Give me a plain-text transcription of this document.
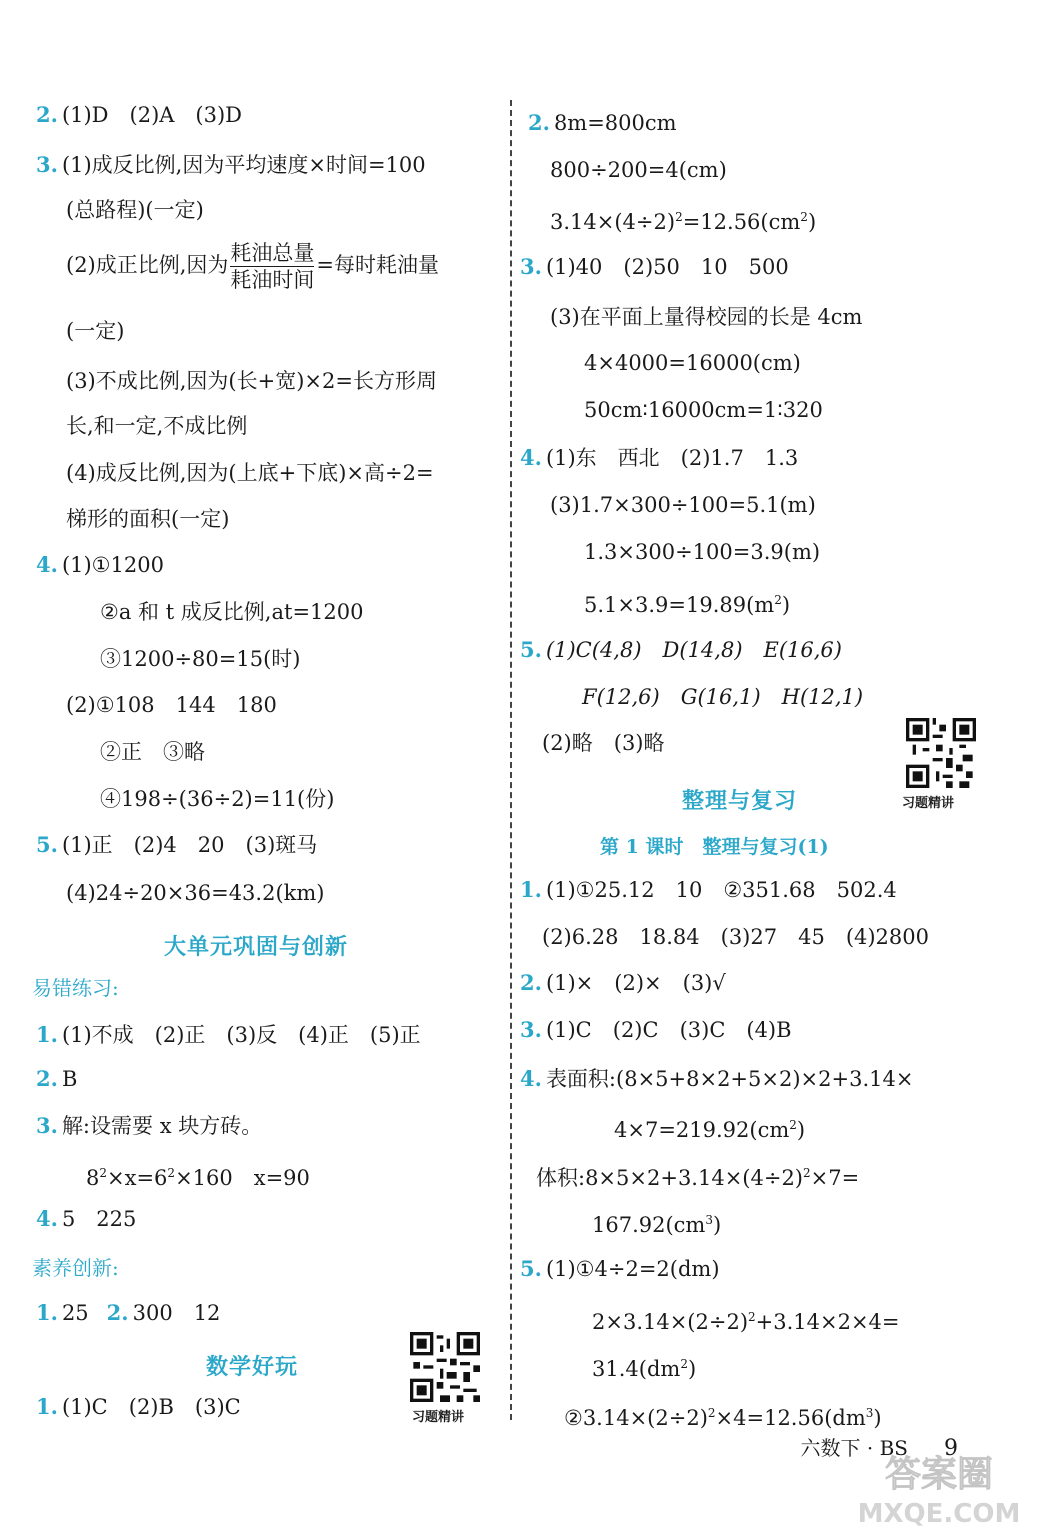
2. (1)D　(2)A　(3)D
3. (1)成反比例,因为平均速度×时间=100
(总路程)(一定)
(2)成正比例,因为 $\frac{\text{耗油总量}}{\text{耗油时间}}$ =每时耗油量
(一定)
(3)不成比例,因为(长+宽)×2=长方形周
长,和一定,不成比例
(4)成反比例,因为(上底+下底)×高÷2=
梯形的面积(一定)
4. (1)①1200
②a 和 t 成反比例,at=1200
③1200÷80=15(时)
(2)①108　144　180
②正　③略
④198÷(36÷2)=11(份)
5. (1)正　(2)4　20　(3)斑马
(4)24÷20×36=43.2(km)
大单元巩固与创新
易错练习:
1. (1)不成　(2)正　(3)反　(4)正　(5)正
2. B
3. 解:设需要 x 块方砖。
$8^2\times x=6^2\times 160$　x=90
4. 5　225
素养创新:
1. 25 2. 300　12
数学好玩
1. (1)C　(2)B　(3)C	习题精讲
2. 8m=800cm
800÷200=4(cm)
$3.14\times(4\div 2)^2=12.56(cm^2)$
3. (1)40　(2)50　10　500
(3)在平面上量得校园的长是 4cm
4×4000=16000(cm)
50cm∶16000cm=1∶320
4. (1)东　西北　(2)1.7　1.3
(3)1.7×300÷100=5.1(m)
1.3×300÷100=3.9(m)
$5.1\times 3.9=19.89(m^2)$
5. (1)C(4,8)　D(14,8)　E(16,6)
F(12,6)　G(16,1)　H(12,1)
(2)略　(3)略
习题精讲
整理与复习
第 1 课时　整理与复习(1)
1. (1)①25.12　10　②351.68　502.4
(2)6.28　18.84　(3)27　45　(4)2800
2. (1)×　(2)×　(3)√
3. (1)C　(2)C　(3)C　(4)B
4. 表面积:(8×5+8×2+5×2)×2+3.14×
$4\times 7=219.92(cm^2)$
体积$:8\times 5\times 2+3.14\times(4\div 2)^2\times 7=$
$167.92(cm^3)$
5. (1)①4÷2=2(dm)
$2\times 3.14\times(2\div 2)^2+3.14\times 2\times 4=$
$31.4(dm^2)$
$②3.14\times(2\div 2)^2\times 4=12.56(dm^3)$
六数下 · BS 9
答案圈
MXQE.COM
